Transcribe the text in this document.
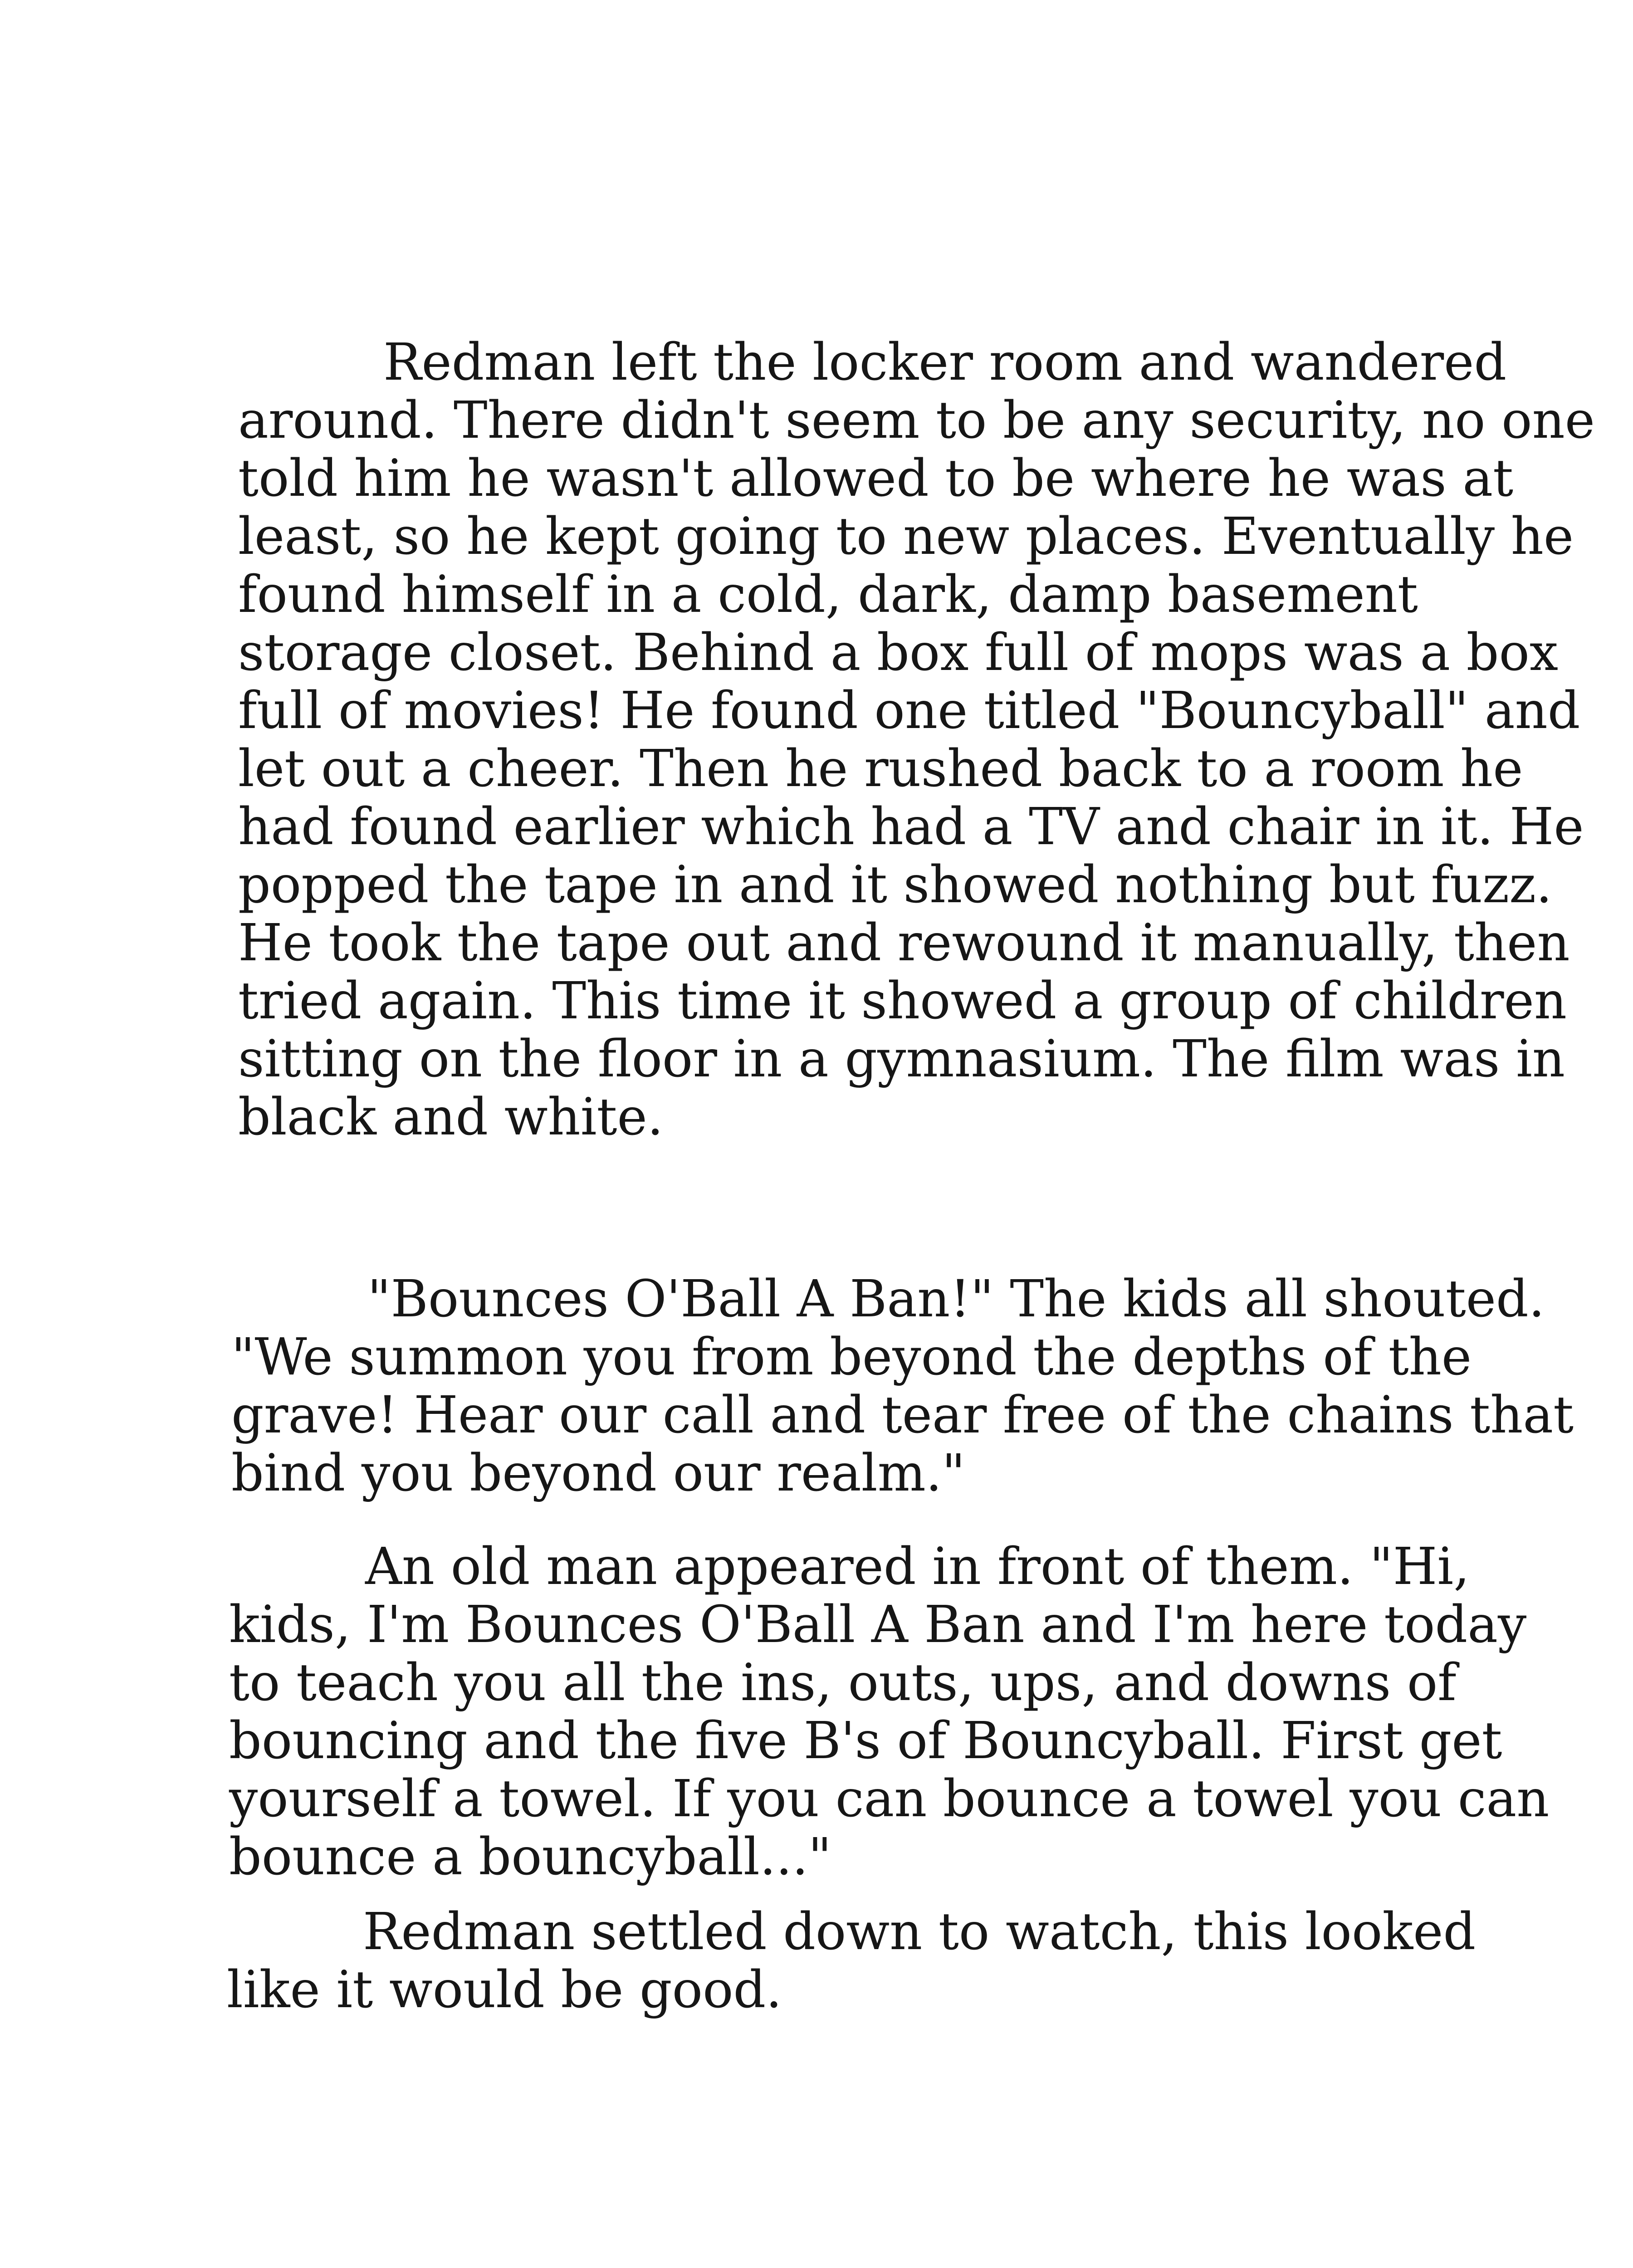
Redman left the locker room and wandered
around. There didn't seem to be any security, no one
told him he wasn't allowed to be where he was at
least, so he kept going to new places. Eventually he
found himself in a cold, dark, damp basement
storage closet. Behind a box full of mops was a box
full of movies! He found one titled "Bouncyball" and
let out a cheer. Then he rushed back to a room he
had found earlier which had a TV and chair in it. He
popped the tape in and it showed nothing but fuzz.
He took the tape out and rewound it manually, then
tried again. This time it showed a group of children
sitting on the floor in a gymnasium. The film was in
black and white.
"Bounces O'Ball A Ban!" The kids all shouted.
"We summon you from beyond the depths of the
grave! Hear our call and tear free of the chains that
bind you beyond our realm."
An old man appeared in front of them. "Hi,
kids, I'm Bounces O'Ball A Ban and I'm here today
to teach you all the ins, outs, ups, and downs of
bouncing and the five B's of Bouncyball. First get
yourself a towel. If you can bounce a towel you can
bounce a bouncyball..."
Redman settled down to watch, this looked
like it would be good.
